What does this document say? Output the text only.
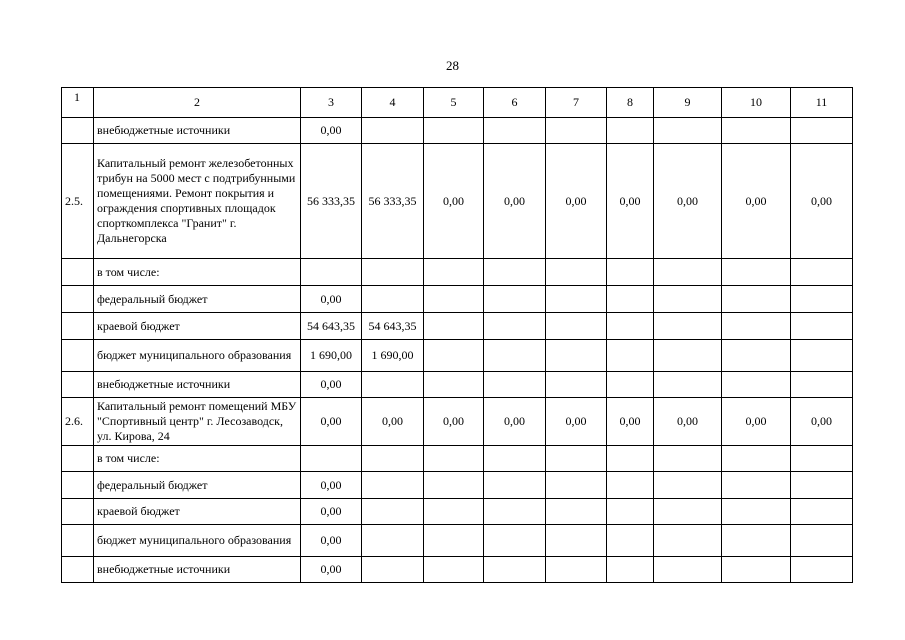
28
1	2	3	4	5	6	7	8	9	10	11
	внебюджетные источники	0,00								
2.5.	Капитальный ремонт железобетонных трибун на 5000 мест с подтрибунными помещениями. Ремонт покрытия и ограждения спортивных площадок спорткомплекса "Гранит" г. Дальнегорска	56 333,35	56 333,35	0,00	0,00	0,00	0,00	0,00	0,00	0,00
	в том числе:									
	федеральный бюджет	0,00								
	краевой бюджет	54 643,35	54 643,35							
	бюджет муниципального образования	1 690,00	1 690,00							
	внебюджетные источники	0,00								
2.6.	Капитальный ремонт помещений МБУ "Спортивный центр" г. Лесозаводск, ул. Кирова, 24	0,00	0,00	0,00	0,00	0,00	0,00	0,00	0,00	0,00
	в том числе:									
	федеральный бюджет	0,00								
	краевой бюджет	0,00								
	бюджет муниципального образования	0,00								
	внебюджетные источники	0,00								
